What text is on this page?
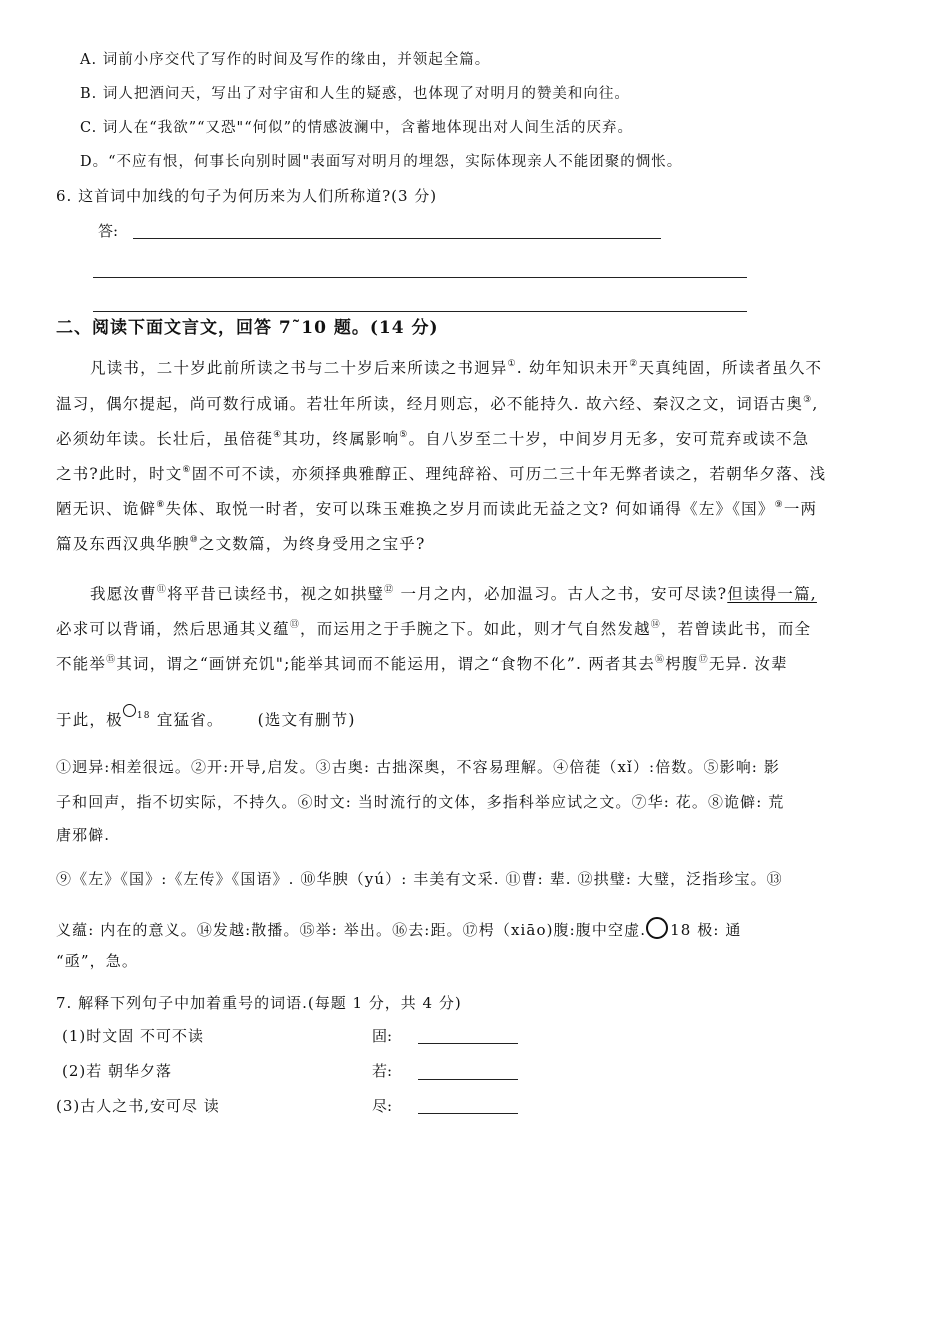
A. 词前小序交代了写作的时间及写作的缘由，并领起全篇。
B. 词人把酒问天，写出了对宇宙和人生的疑惑，也体现了对明月的赞美和向往。
C. 词人在“我欲”“又恐"“何似”的情感波澜中，含蓄地体现出对人间生活的厌弃。
D。“不应有恨，何事长向别时圆"表面写对明月的埋怨，实际体现亲人不能团聚的惆怅。
6. 这首词中加线的句子为何历来为人们所称道?(3 分)
答:
二、阅读下面文言文，回答 7˜10 题。(14 分)
凡读书，二十岁此前所读之书与二十岁后来所读之书迥异①. 幼年知识未开②天真纯固，所读者虽久不
温习，偶尔提起，尚可数行成诵。若壮年所读，经月则忘，必不能持久. 故六经、秦汉之文，词语古奥③,
必须幼年读。长壮后，虽倍蓰④其功，终属影响⑤。自八岁至二十岁，中间岁月无多，安可荒弃或读不急
之书?此时，时文⑥固不可不读，亦须择典雅醇正、理纯辞裕、可历二三十年无弊者读之，若朝华夕落、浅
陋无识、诡僻⑧失体、取悦一时者，安可以珠玉难换之岁月而读此无益之文? 何如诵得《左》《国》⑨一两
篇及东西汉典华腴⑩之文数篇，为终身受用之宝乎?
我愿汝曹⑪将平昔已读经书，视之如拱璧⑫ 一月之内，必加温习。古人之书，安可尽读?但读得一篇,
必求可以背诵，然后思通其义蕴⑬，而运用之于手腕之下。如此，则才气自然发越⑭，若曾读此书，而全
不能举⑮其词，谓之“画饼充饥";能举其词而不能运用，谓之“食物不化”. 两者其去⑯枵腹⑰无异. 汝辈
于此，极 $^{18}$ 宜猛省。 (选文有删节)
①迥异:相差很远。②开:开导,启发。③古奥: 古拙深奥，不容易理解。④倍蓰（xǐ）:倍数。⑤影响: 影
子和回声，指不切实际，不持久。⑥时文: 当时流行的文体，多指科举应试之文。⑦华: 花。⑧诡僻: 荒
唐邪僻.
⑨《左》《国》:《左传》《国语》. ⑩华腴（yú）: 丰美有文采. ⑪曹: 辈. ⑫拱璧: 大璧，泛指珍宝。⑬
义蕴: 内在的意义。⑭发越:散播。⑮举: 举出。⑯去:距。⑰枵（xiāo)腹:腹中空虚. 18 极: 通
“亟”，急。
7. 解释下列句子中加着重号的词语.(每题 1 分，共 4 分)
(1)时文固 不可不读	固:
(2)若 朝华夕落	若:
(3)古人之书,安可尽 读	尽:
